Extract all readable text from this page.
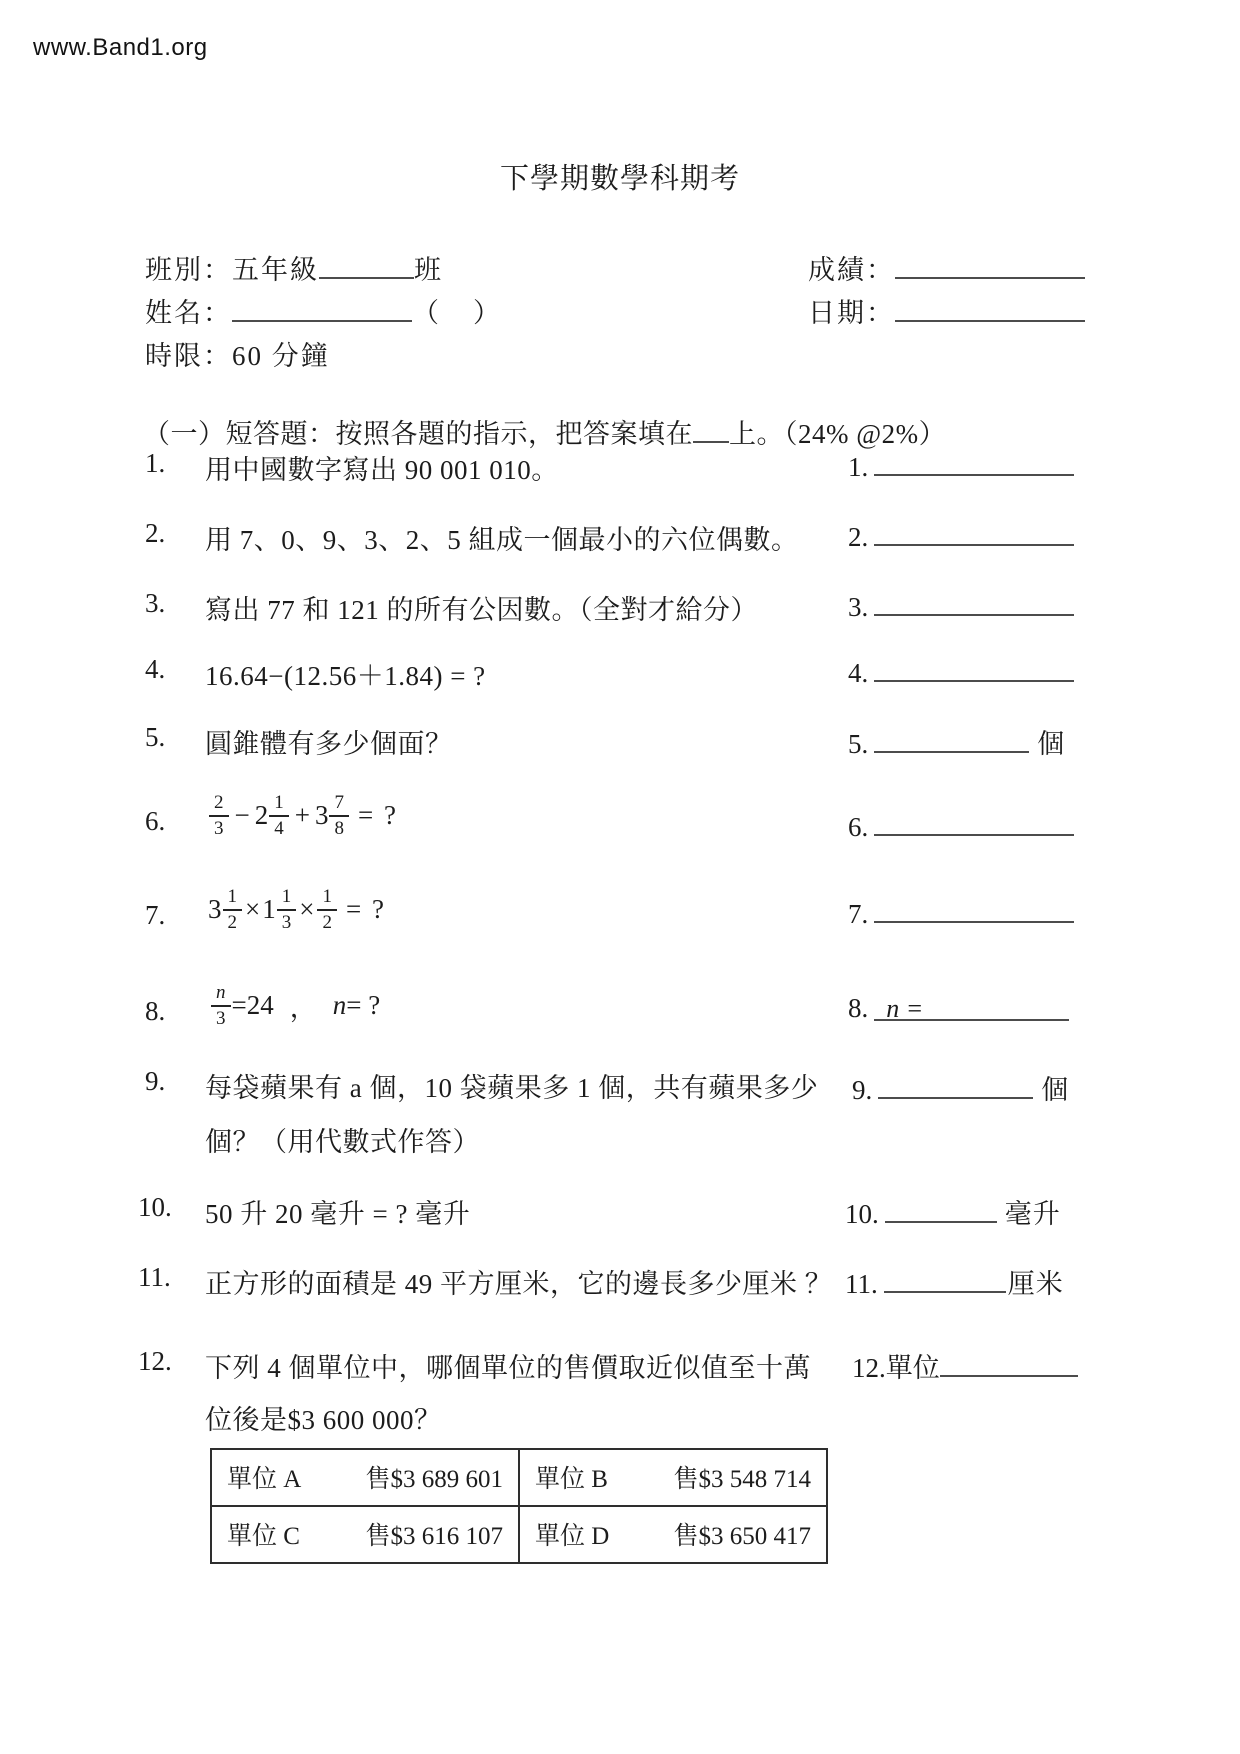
www.Band1.org
下學期數學科期考
班別：五年級	班
姓名：	（ ）
時限：60 分鐘
成績：
日期：
（一）短答題：按照各題的指示，把答案填在 上。（24% @2%）
1. 用中國數字寫出 90 001 010。	1.
2. 用 7、0、9、3、2、5 組成一個最小的六位偶數。 2.
3. 寫出 77 和 121 的所有公因數。（全對才給分）	3.
4. 16.64−(12.56＋1.84) = ?	4.
5. 圓錐體有多少個面？	5.	個
6. $\frac{2}{3} - 2 \frac{1}{4} + 3 \frac{7}{8}$ = ?	6.
7. $3 \frac{1}{2} \times 1 \frac{1}{3} \times \frac{1}{2}$ = ?	7.
8. $\frac{n}{3} =24$ ， n = ?	8. n =
9. 每袋蘋果有 a 個，10 袋蘋果多 1 個，共有蘋果多少
個？（用代數式作答）
9.	個
10. 50 升 20 毫升 = ? 毫升	10.	毫升
11. 正方形的面積是 49 平方厘米，它的邊長多少厘米 ？ 11.	厘米
12. 下列 4 個單位中，哪個單位的售價取近似值至十萬
位後是$3 600 000？
12.單位
單位 A	售$3 689 601 單位 B	售$3 548 714
單位 C	售$3 616 107 單位 D	售$3 650 417
